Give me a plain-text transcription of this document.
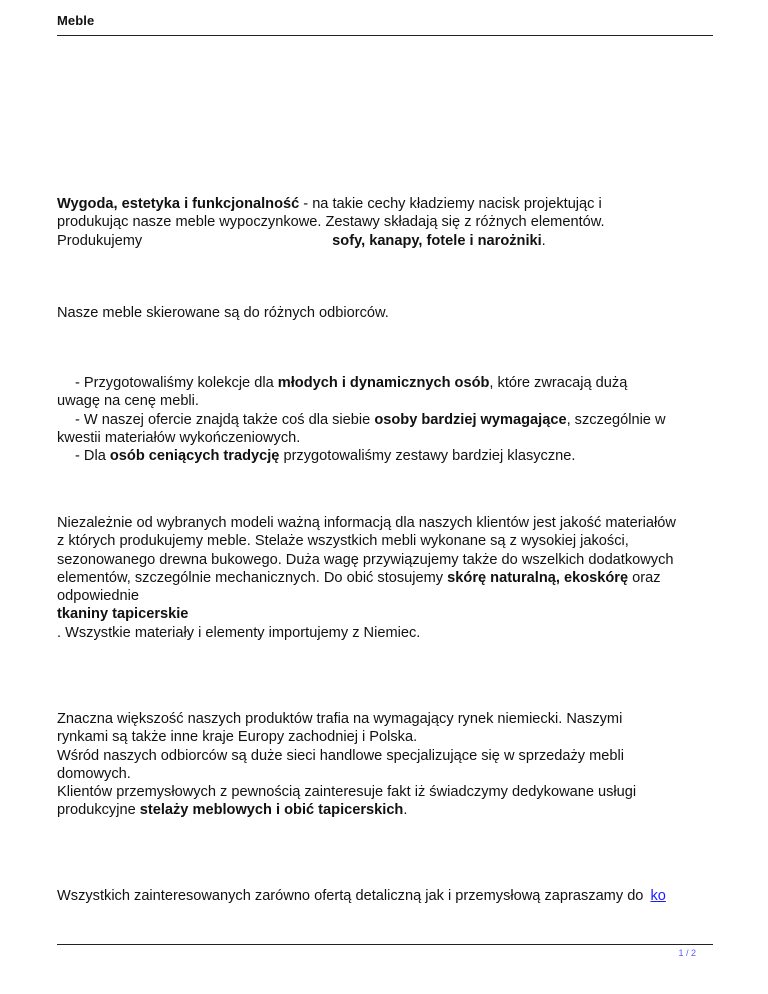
Meble

Wygoda, estetyka i funkcjonalność - na takie cechy kładziemy nacisk projektując i
produkując nasze meble wypoczynkowe. Zestawy składają się z różnych elementów.
Produkujemy	sofy, kanapy, fotele i narożniki.

Nasze meble skierowane są do różnych odbiorców.

- Przygotowaliśmy kolekcje dla młodych i dynamicznych osób, które zwracają dużą
uwagę na cenę mebli.
- W naszej ofercie znajdą także coś dla siebie osoby bardziej wymagające, szczególnie w
kwestii materiałów wykończeniowych.
- Dla osób ceniących tradycję przygotowaliśmy zestawy bardziej klasyczne.

Niezależnie od wybranych modeli ważną informacją dla naszych klientów jest jakość materiałów
z których produkujemy meble. Stelaże wszystkich mebli wykonane są z wysokiej jakości,
sezonowanego drewna bukowego. Duża wagę przywiązujemy także do wszelkich dodatkowych
elementów, szczególnie mechanicznych. Do obić stosujemy skórę naturalną, ekoskórę oraz
odpowiednie
tkaniny tapicerskie
. Wszystkie materiały i elementy importujemy z Niemiec.

Znaczna większość naszych produktów trafia na wymagający rynek niemiecki. Naszymi
rynkami są także inne kraje Europy zachodniej i Polska.
Wśród naszych odbiorców są duże sieci handlowe specjalizujące się w sprzedaży mebli
domowych.
Klientów przemysłowych z pewnością zainteresuje fakt iż świadczymy dedykowane usługi
produkcyjne stelaży meblowych i obić tapicerskich.

Wszystkich zainteresowanych zarówno ofertą detaliczną jak i przemysłową zapraszamy do ko

1 / 2
